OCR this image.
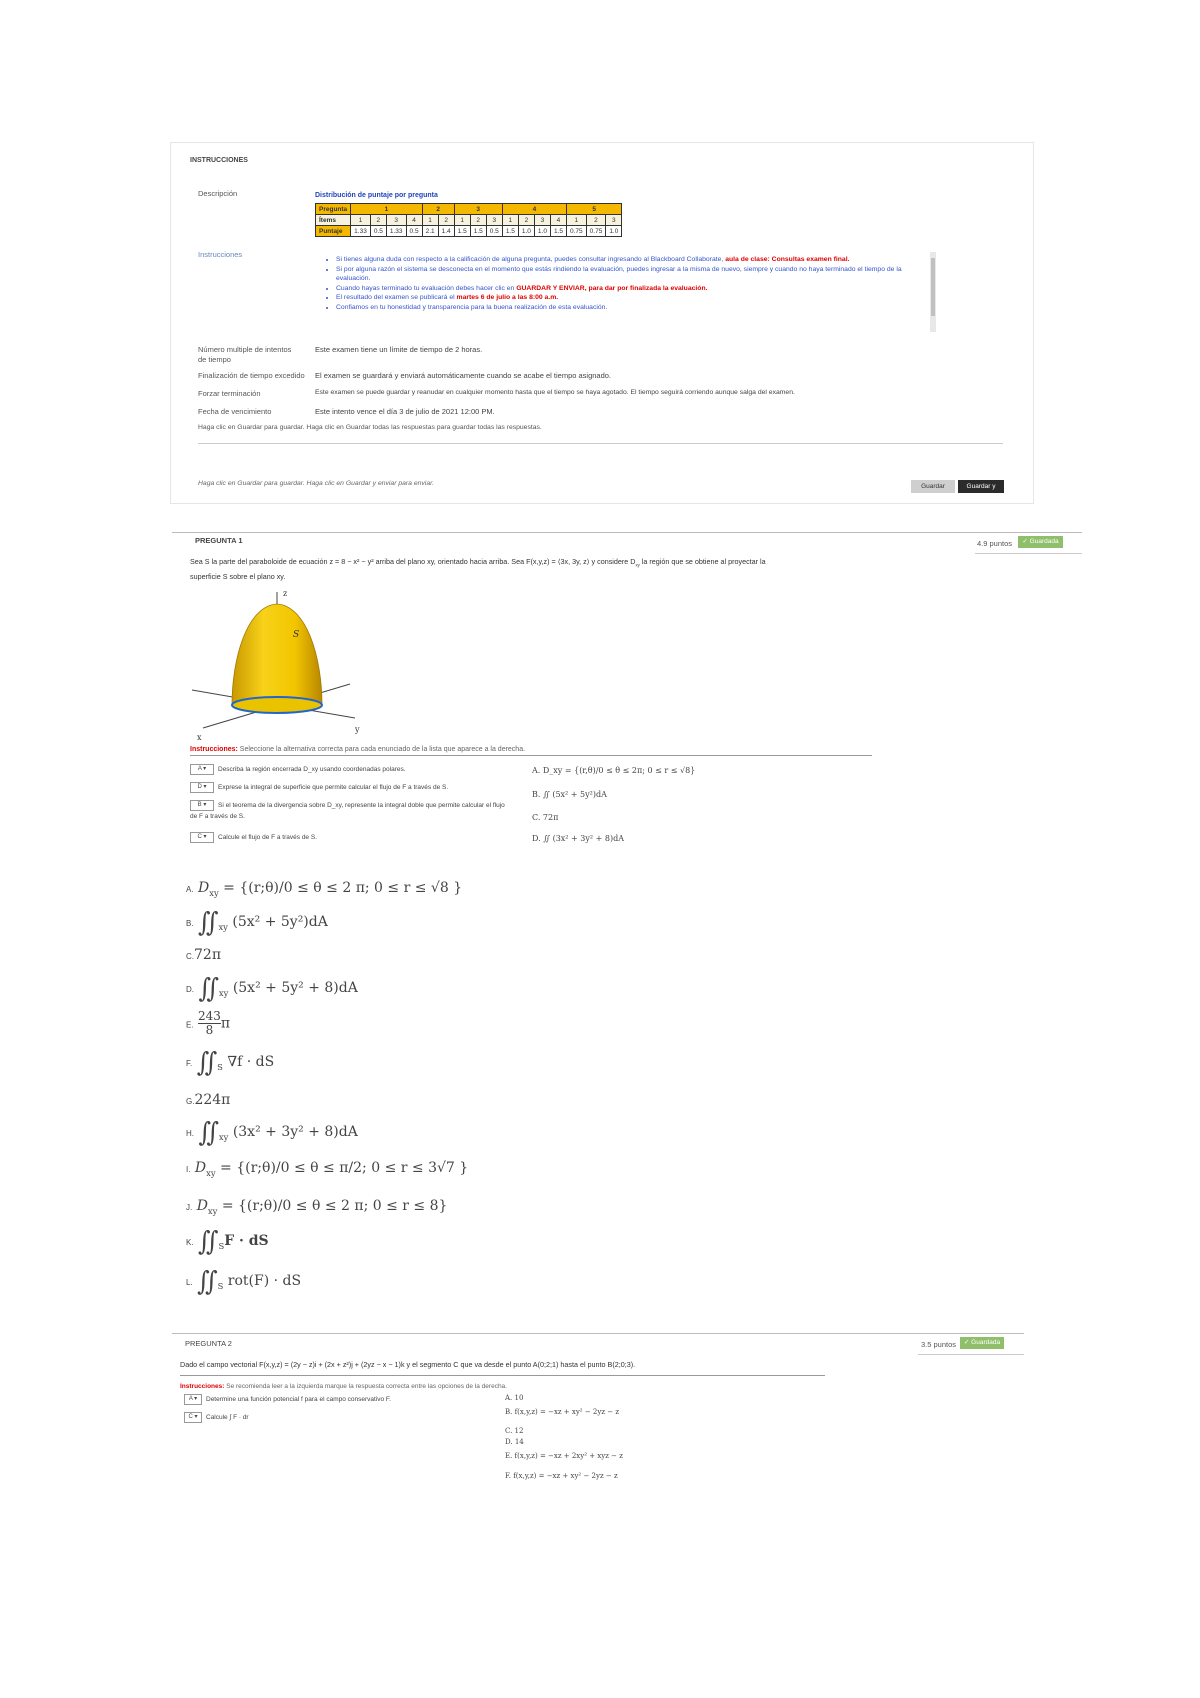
INSTRUCCIONES
Descripción	Distribución de puntaje por pregunta
Pregunta	1				2		3			4				5		
Ítems	1	2	3	4	1	2	1	2	3	1	2	3	4	1	2	3
Puntaje	1.33	0.5	1.33	0.5	2.1	1.4	1.5	1.5	0.5	1.5	1.0	1.0	1.5	0.75	0.75	1.0
Instrucciones
• Si tienes alguna duda con respecto a la calificación de alguna pregunta, puedes consultar ingresando al Blackboard Collaborate, aula de clase: Consultas examen final.
• Si por alguna razón el sistema se desconecta en el momento que estás rindiendo la evaluación, puedes ingresar a la misma de nuevo, siempre y cuando no haya terminado el tiempo de la evaluación.
• Cuando hayas terminado tu evaluación debes hacer clic en GUARDAR Y ENVIAR, para dar por finalizada la evaluación.
• El resultado del examen se publicará el martes 6 de julio a las 8:00 a.m.
• Confiamos en tu honestidad y transparencia para la buena realización de esta evaluación.
Número multiple de intentos de tiempo
Este examen tiene un límite de tiempo de 2 horas.
Finalización de tiempo excedido El examen se guardará y enviará automáticamente cuando se acabe el tiempo asignado.
Forzar terminación	Este examen se puede guardar y reanudar en cualquier momento hasta que el tiempo se haya agotado. El tiempo seguirá corriendo aunque salga del examen.
Fecha de vencimiento	Este intento vence el día 3 de julio de 2021 12:00 PM.
Haga clic en Guardar para guardar. Haga clic en Guardar todas las respuestas para guardar todas las respuestas.
Haga clic en Guardar para guardar. Haga clic en Guardar y enviar para enviar.	Guardar	Guardar y enviar
PREGUNTA 1	4.9 puntos	✓ Guardada
Sea S la parte del paraboloide de ecuación z = 8 − x² − y² arriba del plano xy, orientado hacia arriba. Sea F(x,y,z) = ⟨3x, 3y, z⟩ y considere $D_{xy}$ la región que se obtiene al proyectar la
superficie S sobre el plano xy.
z
S
x
y
Instrucciones: Seleccione la alternativa correcta para cada enunciado de la lista que aparece a la derecha.
A ▾ Describa la región encerrada D_xy usando coordenadas polares.
D ▾ Exprese la integral de superficie que permite calcular el flujo de F a través de S.
B ▾ Si el teorema de la divergencia sobre D_xy, represente la integral doble que permite calcular el flujo de F a través de S.
C ▾ Calcule el flujo de F a través de S.
A. D_xy = {(r,θ)/0 ≤ θ ≤ 2π; 0 ≤ r ≤ √8}
B. ∬ (5x² + 5y²)dA
C. 72π
D. ∬ (3x² + 3y² + 8)dA
A. $D_{xy}$ = {(r;θ)/0 ≤ θ ≤ 2 π; 0 ≤ r ≤ √8 }
B. $∬_{xy}$ (5x² + 5y²)dA
C.72π
D. $∬_{xy}$ (5x² + 5y² + 8)dA
E. $\frac{243}{8}$ π
F. $∬_S$ ∇f · dS
G.224π
H. $∬_{xy}$ (3x² + 3y² + 8)dA
I. $D_{xy}$ = {(r;θ)/0 ≤ θ ≤ π/2; 0 ≤ r ≤ 3√7 }
J. $D_{xy}$ = {(r;θ)/0 ≤ θ ≤ 2 π; 0 ≤ r ≤ 8}
K. $∬_SF$ · dS
L. $∬_S$ rot(F) · dS
PREGUNTA 2	3.5 puntos	✓ Guardada
Dado el campo vectorial F(x,y,z) = (2y − z)i + (2x + z²)j + (2yz − x − 1)k y el segmento C que va desde el punto A(0;2;1) hasta el punto B(2;0;3).
Instrucciones: Se recomienda leer a la izquierda marque la respuesta correcta entre las opciones de la derecha.
A ▾ Determine una función potencial f para el campo conservativo F.
C ▾ Calcule ∫ F · dr
A. 10
B. f(x,y,z) = −xz + xy² − 2yz − z
C. 12
D. 14
E. f(x,y,z) = −xz + 2xy² + xyz − z
F. f(x,y,z) = −xz + xy² − 2yz − z
